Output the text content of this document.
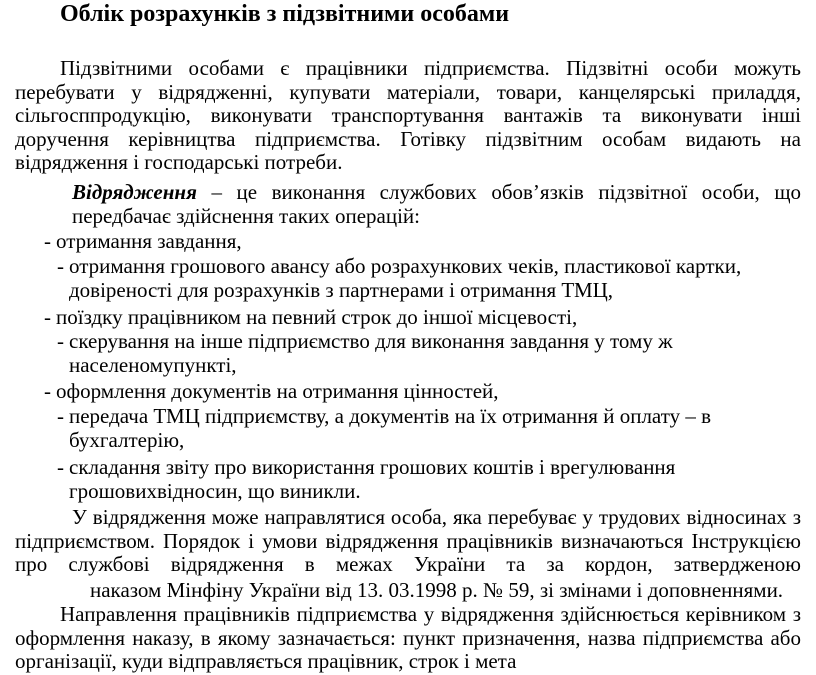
Облік розрахунків з підзвітними особами

Підзвітними особами є працівники підприємства. Підзвітні особи можуть перебувати у відрядженні, купувати матеріали, товари, канцелярські приладдя, сільгосппродукцію, виконувати транспортування вантажів та виконувати інші доручення керівництва підприємства. Готівку підзвітним особам видають на відрядження і господарські потреби.

Відрядження – це виконання службових обов’язків підзвітної особи, що передбачає здійснення таких операцій:

- отримання завдання,
- отримання грошового авансу або розрахункових чеків, пластикової картки, довіреності для розрахунків з партнерами і отримання ТМЦ,
- поїздку працівником на певний строк до іншої місцевості,
- скерування на інше підприємство для виконання завдання у тому ж населеномупункті,
- оформлення документів на отримання цінностей,
- передача ТМЦ підприємству, а документів на їх отримання й оплату – в бухгалтерію,
- складання звіту про використання грошових коштів і врегулювання грошовихвідносин, що виникли.

У відрядження може направлятися особа, яка перебуває у трудових відносинах з підприємством. Порядок і умови відрядження працівників визначаються Інструкцією про службові відрядження в межах України та за кордон, затвердженою

наказом Мінфіну України від 13. 03.1998 р. № 59, зі змінами і доповненнями.

Направлення працівників підприємства у відрядження здійснюється керівником з оформлення наказу, в якому зазначається: пункт призначення, назва підприємства або організації, куди відправляється працівник, строк і мета
